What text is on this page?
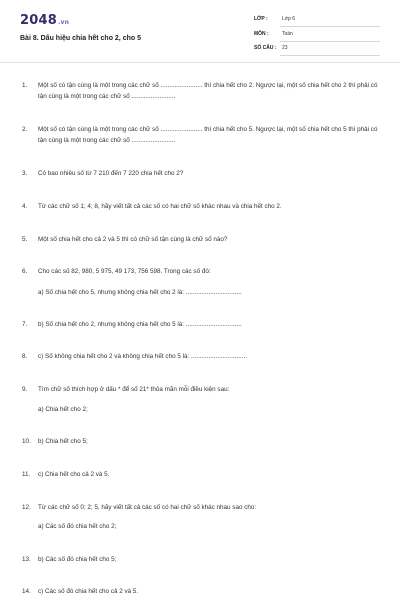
2048.vn
Bài 8. Dấu hiệu chia hết cho 2, cho 5
LỚP :	Lớp 6
MÔN :	Toán
SỐ CÂU : 23
1. Một số có tận cùng là một trong các chữ số ........................ thì chia hết cho 2. Ngược lại, một số chia hết cho 2 thì phải có tận cùng là một trong các chữ số .........................
2. Một số có tận cùng là một trong các chữ số ........................ thì chia hết cho 5. Ngược lại, một số chia hết cho 5 thì phải có tận cùng là một trong các chữ số .........................
3. Có bao nhiêu số từ 7 210 đến 7 220 chia hết cho 2?
4. Từ các chữ số 1; 4; 8, hãy viết tất cả các số có hai chữ số khác nhau và chia hết cho 2.
5. Một số chia hết cho cả 2 và 5 thì có chữ số tận cùng là chữ số nào?
6. Cho các số 82, 980, 5 975, 49 173, 756 598. Trong các số đó:
a) Số chia hết cho 5, nhưng không chia hết cho 2 là: ................................
7. b) Số chia hết cho 2, nhưng không chia hết cho 5 là: ................................
8. c) Số không chia hết cho 2 và không chia hết cho 5 là: ................................
9. Tìm chữ số thích hợp ở dấu * để số 21* thỏa mãn mỗi điều kiện sau:
a) Chia hết cho 2;
10. b) Chia hết cho 5;
11. c) Chia hết cho cả 2 và 5.
12. Từ các chữ số 0; 2; 5, hãy viết tất cả các số có hai chữ số khác nhau sao cho:
a) Các số đó chia hết cho 2;
13. b) Các số đó chia hết cho 5;
14. c) Các số đó chia hết cho cả 2 và 5.
